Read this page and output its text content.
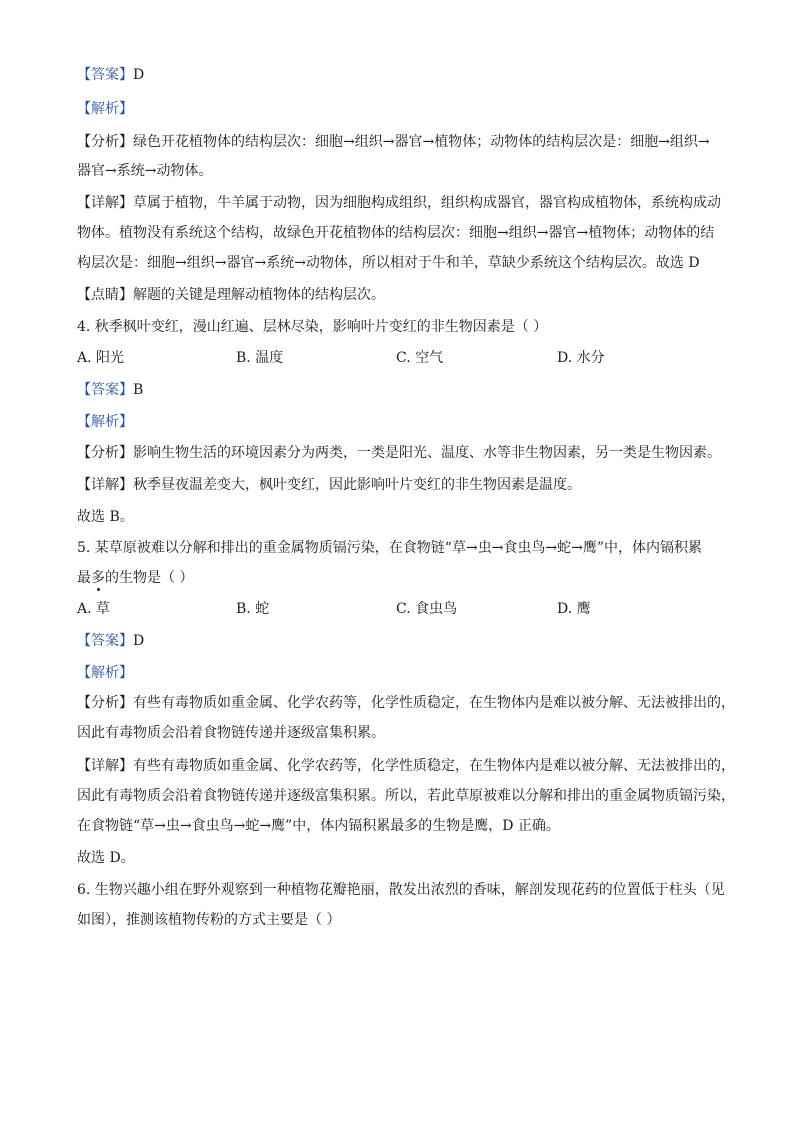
【答案】D
【解析】
【分析】绿色开花植物体的结构层次：细胞→组织→器官→植物体；动物体的结构层次是：细胞→组织→
器官→系统→动物体。
【详解】草属于植物，牛羊属于动物，因为细胞构成组织，组织构成器官，器官构成植物体，系统构成动
物体。植物没有系统这个结构，故绿色开花植物体的结构层次：细胞→组织→器官→植物体；动物体的结
构层次是：细胞→组织→器官→系统→动物体，所以相对于牛和羊，草缺少系统这个结构层次。故选 D
【点睛】解题的关键是理解动植物体的结构层次。
4. 秋季枫叶变红，漫山红遍、层林尽染，影响叶片变红的非生物因素是（ ）
A. 阳光	B. 温度	C. 空气	D. 水分
【答案】B
【解析】
【分析】影响生物生活的环境因素分为两类，一类是阳光、温度、水等非生物因素，另一类是生物因素。
【详解】秋季昼夜温差变大，枫叶变红，因此影响叶片变红的非生物因素是温度。
故选 B。
5. 某草原被难以分解和排出的重金属物质镉污染，在食物链“草→虫→食虫鸟→蛇→鹰”中，体内镉积累
最多的生物是（ ）
A. 草	B. 蛇	C. 食虫鸟	D. 鹰
【答案】D
【解析】
【分析】有些有毒物质如重金属、化学农药等，化学性质稳定，在生物体内是难以被分解、无法被排出的，
因此有毒物质会沿着食物链传递并逐级富集积累。
【详解】有些有毒物质如重金属、化学农药等，化学性质稳定，在生物体内是难以被分解、无法被排出的，
因此有毒物质会沿着食物链传递并逐级富集积累。所以，若此草原被难以分解和排出的重金属物质镉污染，
在食物链“草→虫→食虫鸟→蛇→鹰”中，体内镉积累最多的生物是鹰，D 正确。
故选 D。
6. 生物兴趣小组在野外观察到一种植物花瓣艳丽，散发出浓烈的香味，解剖发现花药的位置低于柱头（见
如图），推测该植物传粉的方式主要是（ ）
